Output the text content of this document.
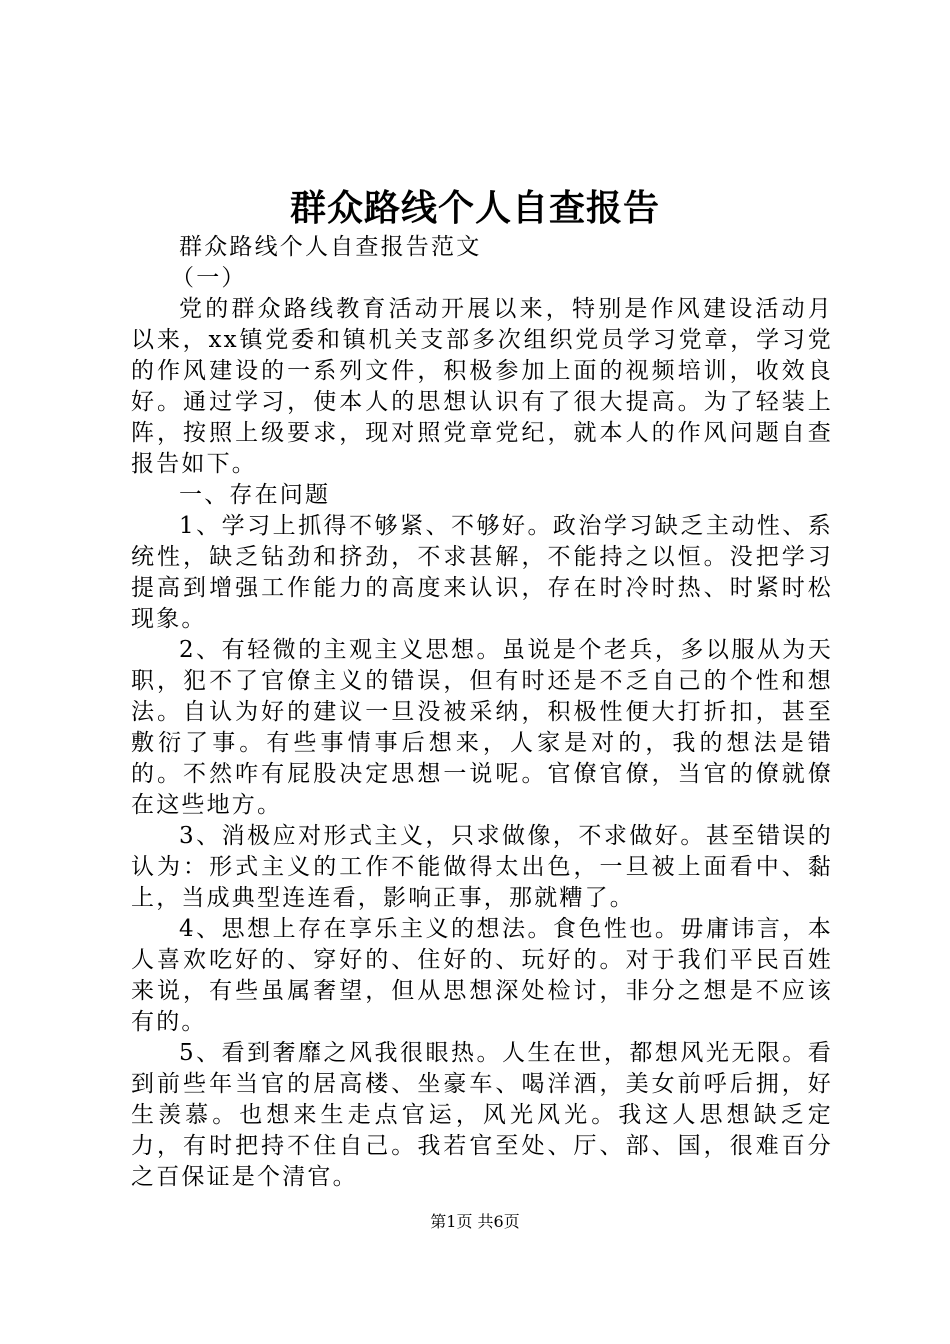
群众路线个人自查报告

群众路线个人自查报告范文

（一）

党的群众路线教育活动开展以来，特别是作风建设活动月以来，xx镇党委和镇机关支部多次组织党员学习党章，学习党的作风建设的一系列文件，积极参加上面的视频培训，收效良好。通过学习，使本人的思想认识有了很大提高。为了轻装上阵，按照上级要求，现对照党章党纪，就本人的作风问题自查报告如下。

一、存在问题

1、学习上抓得不够紧、不够好。政治学习缺乏主动性、系统性，缺乏钻劲和挤劲，不求甚解，不能持之以恒。没把学习提高到增强工作能力的高度来认识，存在时冷时热、时紧时松现象。

2、有轻微的主观主义思想。虽说是个老兵，多以服从为天职，犯不了官僚主义的错误，但有时还是不乏自己的个性和想法。自认为好的建议一旦没被采纳，积极性便大打折扣，甚至敷衍了事。有些事情事后想来，人家是对的，我的想法是错的。不然咋有屁股决定思想一说呢。官僚官僚，当官的僚就僚在这些地方。

3、消极应对形式主义，只求做像，不求做好。甚至错误的认为：形式主义的工作不能做得太出色，一旦被上面看中、黏上，当成典型连连看，影响正事，那就糟了。

4、思想上存在享乐主义的想法。食色性也。毋庸讳言，本人喜欢吃好的、穿好的、住好的、玩好的。对于我们平民百姓来说，有些虽属奢望，但从思想深处检讨，非分之想是不应该有的。

5、看到奢靡之风我很眼热。人生在世，都想风光无限。看到前些年当官的居高楼、坐豪车、喝洋酒，美女前呼后拥，好生羡慕。也想来生走点官运，风光风光。我这人思想缺乏定力，有时把持不住自己。我若官至处、厅、部、国，很难百分之百保证是个清官。

第1页 共6页
